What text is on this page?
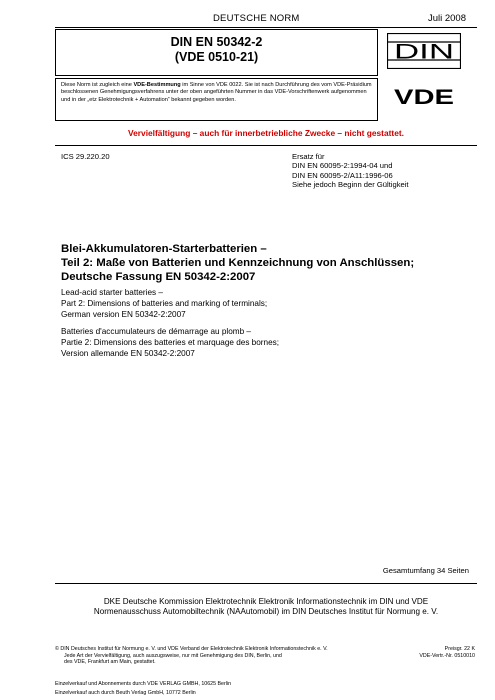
DEUTSCHE NORM	Juli 2008
DIN EN 50342-2
(VDE 0510-21)	DIN
Diese Norm ist zugleich eine VDE-Bestimmung im Sinne von VDE 0022. Sie ist nach Durchführung des vom VDE-Präsidium beschlossenen Genehmigungsverfahrens unter der oben angeführten Nummer in das VDE-Vorschriftenwerk aufgenommen und in der „etz Elektrotechnik + Automation“ bekannt gegeben worden.	VDE
Vervielfältigung – auch für innerbetriebliche Zwecke – nicht gestattet.
ICS 29.220.20	Ersatz für
DIN EN 60095-2:1994-04 und
DIN EN 60095-2/A11:1996-06
Siehe jedoch Beginn der Gültigkeit
Blei-Akkumulatoren-Starterbatterien –
Teil 2: Maße von Batterien und Kennzeichnung von Anschlüssen;
Deutsche Fassung EN 50342-2:2007
Lead-acid starter batteries –
Part 2: Dimensions of batteries and marking of terminals;
German version EN 50342-2:2007
Batteries d'accumulateurs de démarrage au plomb –
Partie 2: Dimensions des batteries et marquage des bornes;
Version allemande EN 50342-2:2007
Gesamtumfang 34 Seiten
DKE Deutsche Kommission Elektrotechnik Elektronik Informationstechnik im DIN und VDE
Normenausschuss Automobiltechnik (NAAutomobil) im DIN Deutsches Institut für Normung e. V.
© DIN Deutsches Institut für Normung e. V. und VDE Verband der Elektrotechnik Elektronik Informationstechnik e. V.
Jede Art der Vervielfältigung, auch auszugsweise, nur mit Genehmigung des DIN, Berlin, und
des VDE, Frankfurt am Main, gestattet.
Einzelverkauf und Abonnements durch VDE VERLAG GMBH, 10625 Berlin
Einzelverkauf auch durch Beuth Verlag GmbH, 10772 Berlin
Preisgr. 22 K
VDE-Vertr.-Nr. 0510010
